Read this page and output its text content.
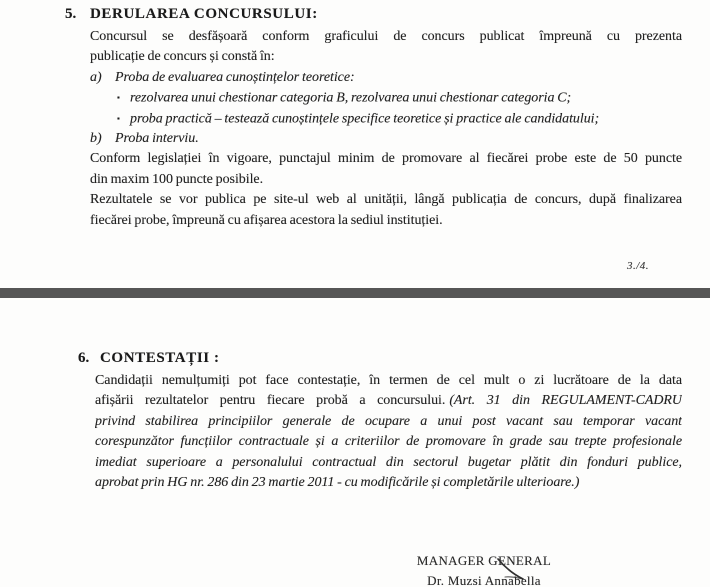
5. DERULAREA CONCURSULUI:
Concursul se desfășoară conform graficului de concurs publicat împreună cu prezenta
publicație de concurs și constă în:
a) Proba de evaluarea cunoștințelor teoretice:
▪ rezolvarea unui chestionar categoria B, rezolvarea unui chestionar categoria C;
▪ proba practică – testează cunoștințele specifice teoretice și practice ale candidatului;
b) Proba interviu.
Conform legislației în vigoare, punctajul minim de promovare al fiecărei probe este de 50 puncte
din maxim 100 puncte posibile.
Rezultatele se vor publica pe site-ul web al unității, lângă publicația de concurs, după finalizarea
fiecărei probe, împreună cu afișarea acestora la sediul instituției.
3./4.
6. CONTESTAȚII :
Candidații nemulțumiți pot face contestație, în termen de cel mult o zi lucrătoare de la data
afișării rezultatelor pentru fiecare probă a concursului. (Art. 31 din REGULAMENT-CADRU
privind stabilirea principiilor generale de ocupare a unui post vacant sau temporar vacant
corespunzător funcțiilor contractuale și a criteriilor de promovare în grade sau trepte profesionale
imediat superioare a personalului contractual din sectorul bugetar plătit din fonduri publice,
aprobat prin HG nr. 286 din 23 martie 2011 - cu modificările și completările ulterioare.)
MANAGER GENERAL
Dr. Muzsi Annabella
